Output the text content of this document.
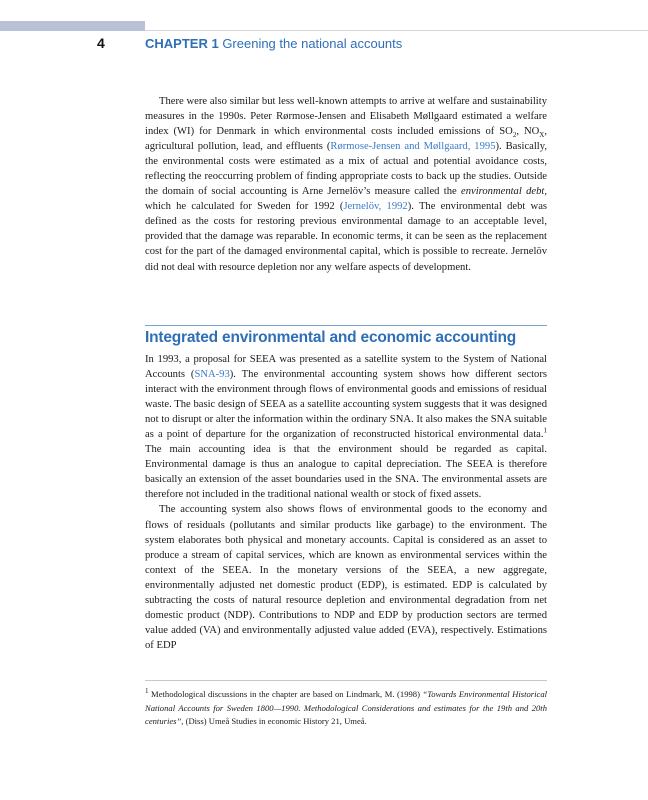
4	CHAPTER 1 Greening the national accounts

There were also similar but less well-known attempts to arrive at welfare and sustainability measures in the 1990s. Peter Rørmose-Jensen and Elisabeth Møllgaard estimated a welfare index (WI) for Denmark in which environmental costs included emissions of $SO_2$, $NO_X$, agricultural pollution, lead, and effluents (Rørmose-Jensen and Møllgaard, 1995). Basically, the environmental costs were estimated as a mix of actual and potential avoidance costs, reflecting the reoccurring problem of finding appropriate costs to back up the studies. Outside the domain of social accounting is Arne Jernelöv’s measure called the environmental debt, which he calculated for Sweden for 1992 (Jernelöv, 1992). The environmental debt was defined as the costs for restoring previous environmental damage to an acceptable level, provided that the damage was reparable. In economic terms, it can be seen as the replacement cost for the part of the damaged environmental capital, which is possible to recreate. Jernelöv did not deal with resource depletion nor any welfare aspects of development.

Integrated environmental and economic accounting

In 1993, a proposal for SEEA was presented as a satellite system to the System of National Accounts (SNA-93). The environmental accounting system shows how different sectors interact with the environment through flows of environmental goods and emissions of residual waste. The basic design of SEEA as a satellite accounting system suggests that it was designed not to disrupt or alter the information within the ordinary SNA. It also makes the SNA suitable as a point of departure for the organization of reconstructed historical environmental data.$^1$ The main accounting idea is that the environment should be regarded as capital. Environmental damage is thus an analogue to capital depreciation. The SEEA is therefore basically an extension of the asset boundaries used in the SNA. The environmental assets are therefore not included in the traditional national wealth or stock of fixed assets.

The accounting system also shows flows of environmental goods to the economy and flows of residuals (pollutants and similar products like garbage) to the environment. The system elaborates both physical and monetary accounts. Capital is considered as an asset to produce a stream of capital services, which are known as environmental services within the context of the SEEA. In the monetary versions of the SEEA, a new aggregate, environmentally adjusted net domestic product (EDP), is estimated. EDP is calculated by subtracting the costs of natural resource depletion and environmental degradation from net domestic product (NDP). Contributions to NDP and EDP by production sectors are termed value added (VA) and environmentally adjusted value added (EVA), respectively. Estimations of EDP

$^1$ Methodological discussions in the chapter are based on Lindmark, M. (1998) “Towards Environmental Historical National Accounts for Sweden 1800—1990. Methodological Considerations and estimates for the 19th and 20th centuries”, (Diss) Umeå Studies in economic History 21, Umeå.
